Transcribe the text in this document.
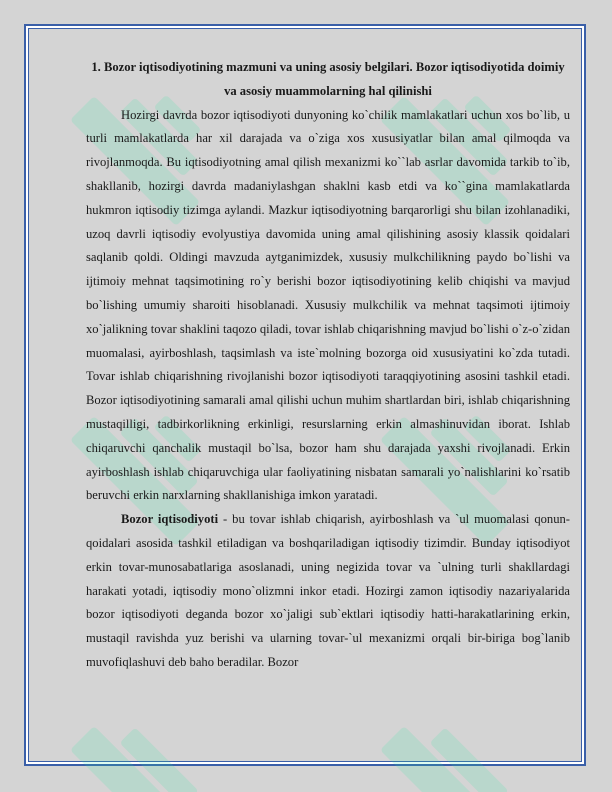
1. Bozor iqtisodiyotining mazmuni va uning asosiy belgilari. Bozor iqtisodiyotida doimiy va asosiy muammolarning hal qilinishi

Hozirgi davrda bozor iqtisodiyoti dunyoning ko`chilik mamlakatlari uchun xos bo`lib, u turli mamlakatlarda har xil darajada va o`ziga xos xususiyatlar bilan amal qilmoqda va rivojlanmoqda. Bu iqtisodiyotning amal qilish mexanizmi ko``lab asrlar davomida tarkib to`ib, shakllanib, hozirgi davrda madaniylashgan shaklni kasb etdi va ko``gina mamlakatlarda hukmron iqtisodiy tizimga aylandi. Mazkur iqtisodiyotning barqarorligi shu bilan izohlanadiki, uzoq davrli iqtisodiy evolyustiya davomida uning amal qilishining asosiy klassik qoidalari saqlanib qoldi. Oldingi mavzuda aytganimizdek, xususiy mulkchilikning paydo bo`lishi va ijtimoiy mehnat taqsimotining ro`y berishi bozor iqtisodiyotining kelib chiqishi va mavjud bo`lishing umumiy sharoiti hisoblanadi. Xususiy mulkchilik va mehnat taqsimoti ijtimoiy xo`jalikning tovar shaklini taqozo qiladi, tovar ishlab chiqarishning mavjud bo`lishi o`z-o`zidan muomalasi, ayirboshlash, taqsimlash va iste`molning bozorga oid xususiyatini ko`zda tutadi. Tovar ishlab chiqarishning rivojlanishi bozor iqtisodiyoti taraqqiyotining asosini tashkil etadi. Bozor iqtisodiyotining samarali amal qilishi uchun muhim shartlardan biri, ishlab chiqarishning mustaqilligi, tadbirkorlikning erkinligi, resurslarning erkin almashinuvidan iborat. Ishlab chiqaruvchi qanchalik mustaqil bo`lsa, bozor ham shu darajada yaxshi rivojlanadi. Erkin ayirboshlash ishlab chiqaruvchiga ular faoliyatining nisbatan samarali yo`nalishlarini ko`rsatib beruvchi erkin narxlarning shakllanishiga imkon yaratadi.

Bozor iqtisodiyoti - bu tovar ishlab chiqarish, ayirboshlash va `ul muomalasi qonun-qoidalari asosida tashkil etiladigan va boshqariladigan iqtisodiy tizimdir. Bunday iqtisodiyot erkin tovar-munosabatlariga asoslanadi, uning negizida tovar va `ulning turli shakllardagi harakati yotadi, iqtisodiy mono`olizmni inkor etadi. Hozirgi zamon iqtisodiy nazariyalarida bozor iqtisodiyoti deganda bozor xo`jaligi sub`ektlari iqtisodiy hatti-harakatlarining erkin, mustaqil ravishda yuz berishi va ularning tovar-`ul mexanizmi orqali bir-biriga bog`lanib muvofiqlashuvi deb baho beradilar. Bozor
